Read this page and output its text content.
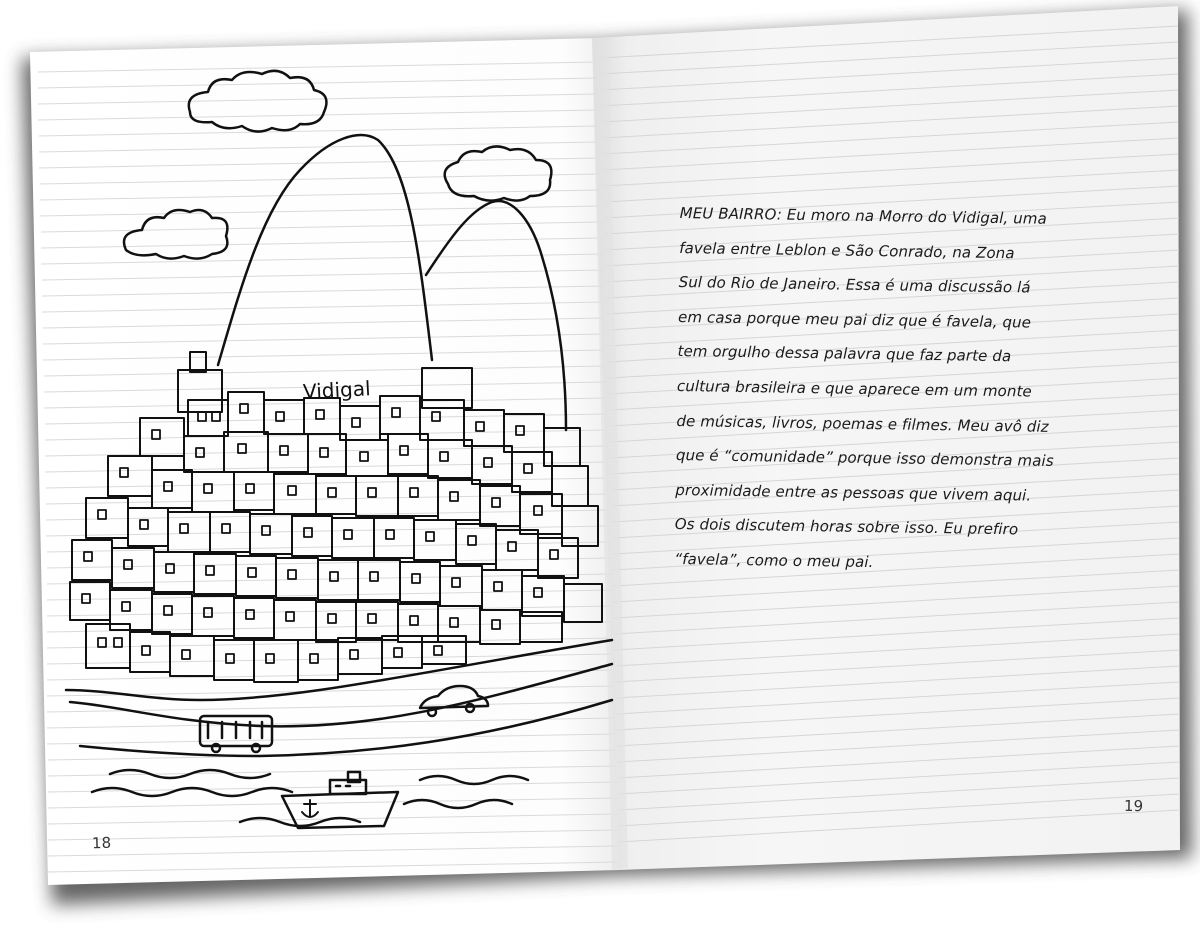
Vidigal
MEU BAIRRO: Eu moro na Morro do Vidigal, uma
favela entre Leblon e São Conrado, na Zona
Sul do Rio de Janeiro. Essa é uma discussão lá
em casa porque meu pai diz que é favela, que
tem orgulho dessa palavra que faz parte da
cultura brasileira e que aparece em um monte
de músicas, livros, poemas e filmes. Meu avô diz
que é “comunidade” porque isso demonstra mais
proximidade entre as pessoas que vivem aqui.
Os dois discutem horas sobre isso. Eu prefiro
“favela”, como o meu pai.
18
19
